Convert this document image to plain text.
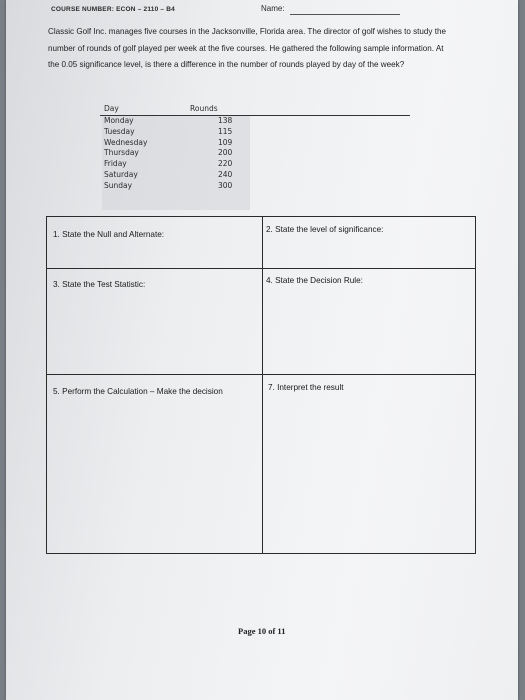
COURSE NUMBER: ECON – 2110 – B4	Name:
Classic Golf Inc. manages five courses in the Jacksonville, Florida area. The director of golf wishes to study the number of rounds of golf played per week at the five courses. He gathered the following sample information. At the 0.05 significance level, is there a difference in the number of rounds played by day of the week?
Day	Rounds
Monday	138
Tuesday	115
Wednesday	109
Thursday	200
Friday	220
Saturday	240
Sunday	300
1. State the Null and Alternate:
2. State the level of significance:
3. State the Test Statistic:	4. State the Decision Rule:
5. Perform the Calculation – Make the decision	7. Interpret the result
Page 10 of 11
